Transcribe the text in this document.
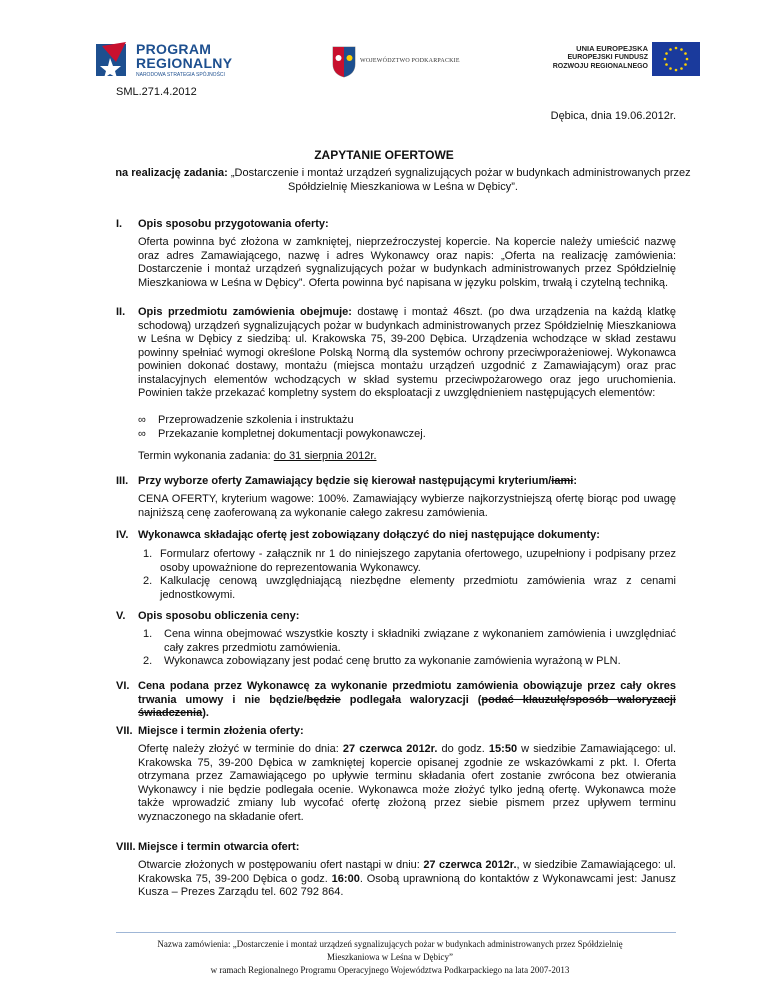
PROGRAM
REGIONALNY
NARODOWA STRATEGIA SPÓJNOŚCI
WOJEWÓDZTWO PODKARPACKIE
UNIA EUROPEJSKA
EUROPEJSKI FUNDUSZ
ROZWOJU REGIONALNEGO
SML.271.4.2012
Dębica, dnia 19.06.2012r.
ZAPYTANIE OFERTOWE
na realizację zadania: „Dostarczenie i montaż urządzeń sygnalizujących pożar w budynkach administrowanych przez Spółdzielnię Mieszkaniowa w Leśna w Dębicy”.
I. Opis sposobu przygotowania oferty:
Oferta powinna być złożona w zamkniętej, nieprzeźroczystej kopercie. Na kopercie należy umieścić nazwę oraz adres Zamawiającego, nazwę i adres Wykonawcy oraz napis: „Oferta na realizację zamówienia: Dostarczenie i montaż urządzeń sygnalizujących pożar w budynkach administrowanych przez Spółdzielnię Mieszkaniowa w Leśna w Dębicy”. Oferta powinna być napisana w języku polskim, trwałą i czytelną techniką.
II. Opis przedmiotu zamówienia obejmuje: dostawę i montaż 46szt. (po dwa urządzenia na każdą klatkę schodową) urządzeń sygnalizujących pożar w budynkach administrowanych przez Spółdzielnię Mieszkaniowa w Leśna w Dębicy z siedzibą: ul. Krakowska 75, 39-200 Dębica. Urządzenia wchodzące w skład zestawu powinny spełniać wymogi określone Polską Normą dla systemów ochrony przeciwporażeniowej. Wykonawca powinien dokonać dostawy, montażu (miejsca montażu urządzeń uzgodnić z Zamawiającym) oraz prac instalacyjnych elementów wchodzących w skład systemu przeciwpożarowego oraz jego uruchomienia. Powinien także przekazać kompletny system do eksploatacji z uwzględnieniem następujących elementów:
∞ Przeprowadzenie szkolenia i instruktażu
∞ Przekazanie kompletnej dokumentacji powykonawczej.
Termin wykonania zadania: do 31 sierpnia 2012r.
III. Przy wyborze oferty Zamawiający będzie się kierował następującymi kryterium/iami:
CENA OFERTY, kryterium wagowe: 100%. Zamawiający wybierze najkorzystniejszą ofertę biorąc pod uwagę najniższą cenę zaoferowaną za wykonanie całego zakresu zamówienia.
IV. Wykonawca składając ofertę jest zobowiązany dołączyć do niej następujące dokumenty:
1. Formularz ofertowy - załącznik nr 1 do niniejszego zapytania ofertowego, uzupełniony i podpisany przez osoby upoważnione do reprezentowania Wykonawcy.
2. Kalkulację cenową uwzględniającą niezbędne elementy przedmiotu zamówienia wraz z cenami jednostkowymi.
V. Opis sposobu obliczenia ceny:
1. Cena winna obejmować wszystkie koszty i składniki związane z wykonaniem zamówienia i uwzględniać cały zakres przedmiotu zamówienia.
2. Wykonawca zobowiązany jest podać cenę brutto za wykonanie zamówienia wyrażoną w PLN.
VI. Cena podana przez Wykonawcę za wykonanie przedmiotu zamówienia obowiązuje przez cały okres trwania umowy i nie będzie/będzie podlegała waloryzacji (podać klauzulę/sposób waloryzacji świadczenia).
VII. Miejsce i termin złożenia oferty:
Ofertę należy złożyć w terminie do dnia: 27 czerwca 2012r. do godz. 15:50 w siedzibie Zamawiającego: ul. Krakowska 75, 39-200 Dębica w zamkniętej kopercie opisanej zgodnie ze wskazówkami z pkt. I. Oferta otrzymana przez Zamawiającego po upływie terminu składania ofert zostanie zwrócona bez otwierania Wykonawcy i nie będzie podlegała ocenie. Wykonawca może złożyć tylko jedną ofertę. Wykonawca może także wprowadzić zmiany lub wycofać ofertę złożoną przez siebie pismem przez upływem terminu wyznaczonego na składanie ofert.
VIII. Miejsce i termin otwarcia ofert:
Otwarcie złożonych w postępowaniu ofert nastąpi w dniu: 27 czerwca 2012r., w siedzibie Zamawiającego: ul. Krakowska 75, 39-200 Dębica o godz. 16:00. Osobą uprawnioną do kontaktów z Wykonawcami jest: Janusz Kusza – Prezes Zarządu tel. 602 792 864.
Nazwa zamówienia: „Dostarczenie i montaż urządzeń sygnalizujących pożar w budynkach administrowanych przez Spółdzielnię
Mieszkaniowa w Leśna w Dębicy”
w ramach Regionalnego Programu Operacyjnego Województwa Podkarpackiego na lata 2007-2013
